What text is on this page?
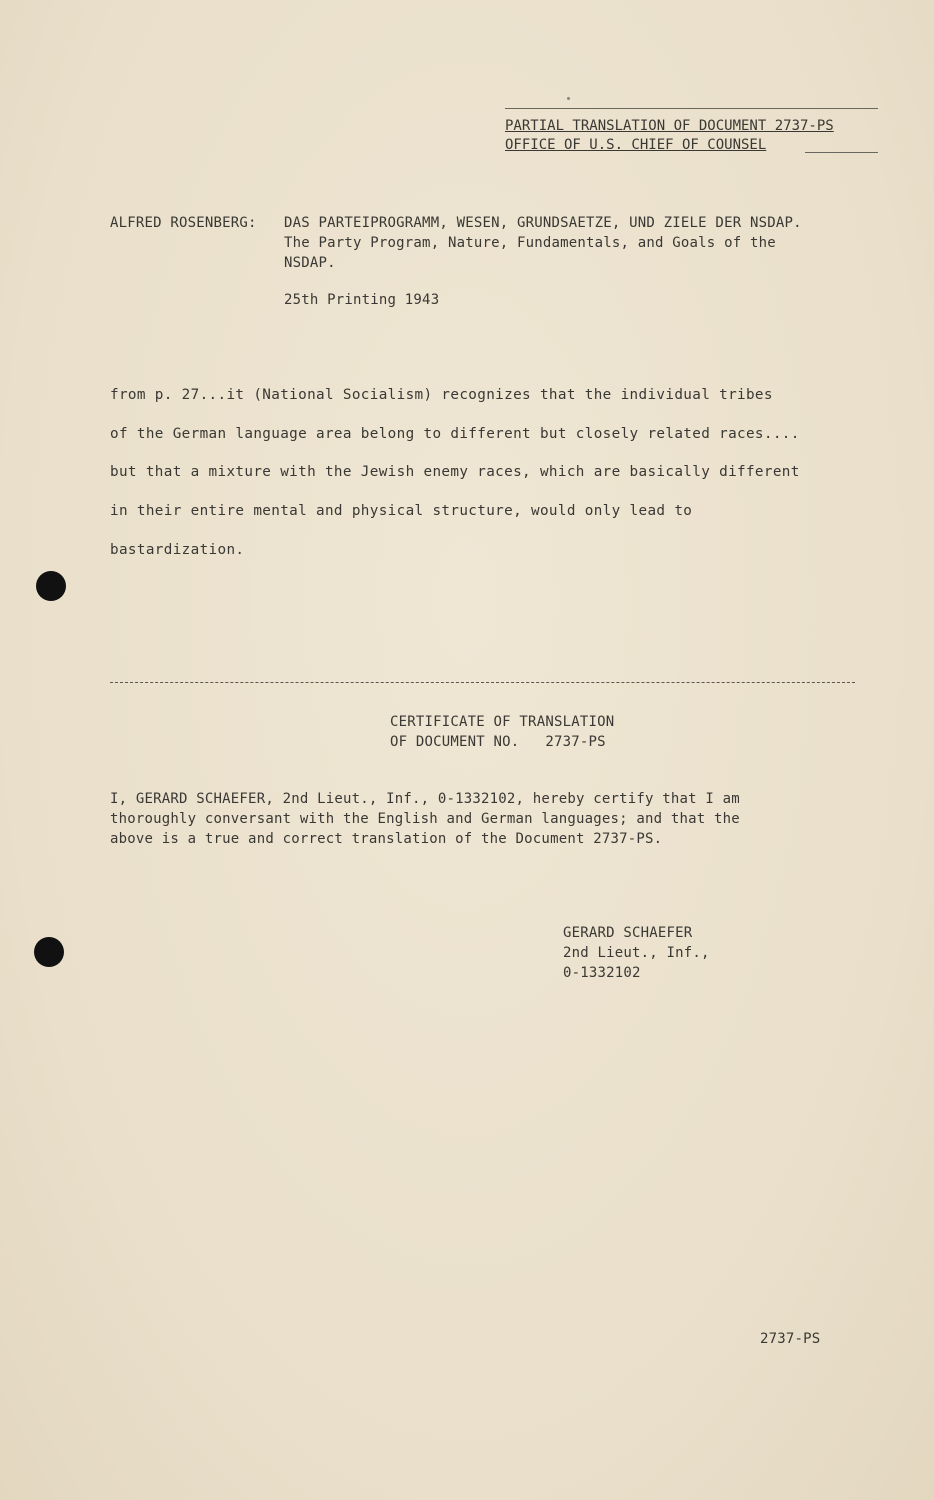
PARTIAL TRANSLATION OF DOCUMENT 2737-PS
OFFICE OF U.S. CHIEF OF COUNSEL
ALFRED ROSENBERG: DAS PARTEIPROGRAMM, WESEN, GRUNDSAETZE, UND ZIELE DER NSDAP.
The Party Program, Nature, Fundamentals, and Goals of the
NSDAP.
25th Printing 1943
from p. 27...it (National Socialism) recognizes that the individual tribes
of the German language area belong to different but closely related races....
but that a mixture with the Jewish enemy races, which are basically different
in their entire mental and physical structure, would only lead to
bastardization.
CERTIFICATE OF TRANSLATION
OF DOCUMENT NO.   2737-PS
I, GERARD SCHAEFER, 2nd Lieut., Inf., 0-1332102, hereby certify that I am
thoroughly conversant with the English and German languages; and that the
above is a true and correct translation of the Document 2737-PS.
GERARD SCHAEFER
2nd Lieut., Inf.,
0-1332102
2737-PS
